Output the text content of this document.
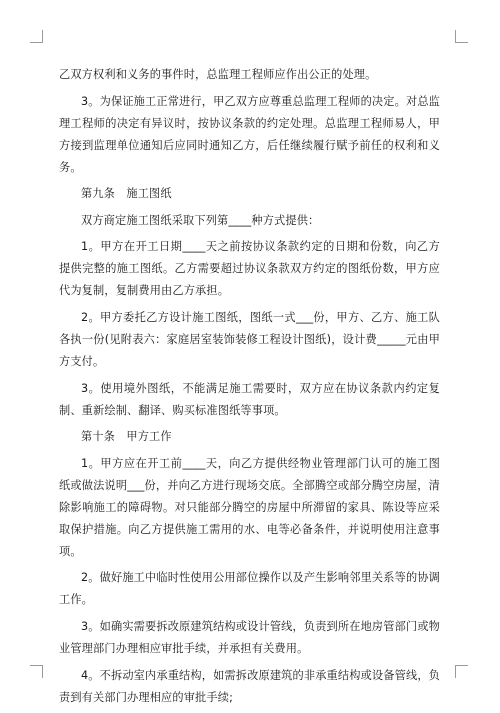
乙双方权利和义务的事件时，总监理工程师应作出公正的处理。

3。为保证施工正常进行，甲乙双方应尊重总监理工程师的决定。对总监理工程师的决定有异议时，按协议条款的约定处理。总监理工程师易人，甲方接到监理单位通知后应同时通知乙方，后任继续履行赋予前任的权利和义务。

第九条　施工图纸

双方商定施工图纸采取下列第____种方式提供：

1。甲方在开工日期____天之前按协议条款约定的日期和份数，向乙方提供完整的施工图纸。乙方需要超过协议条款双方约定的图纸份数，甲方应代为复制，复制费用由乙方承担。

2。甲方委托乙方设计施工图纸，图纸一式___份，甲方、乙方、施工队各执一份(见附表六：家庭居室装饰装修工程设计图纸)，设计费_____元由甲方支付。

3。使用境外图纸，不能满足施工需要时，双方应在协议条款内约定复制、重新绘制、翻译、购买标准图纸等事项。

第十条　甲方工作

1。甲方应在开工前____天，向乙方提供经物业管理部门认可的施工图纸或做法说明___份，并向乙方进行现场交底。全部腾空或部分腾空房屋，清除影响施工的障碍物。对只能部分腾空的房屋中所滞留的家具、陈设等应采取保护措施。向乙方提供施工需用的水、电等必备条件，并说明使用注意事项。

2。做好施工中临时性使用公用部位操作以及产生影响邻里关系等的协调工作。

3。如确实需要拆改原建筑结构或设计管线，负责到所在地房管部门或物业管理部门办理相应审批手续，并承担有关费用。

4。不拆动室内承重结构，如需拆改原建筑的非承重结构或设备管线，负责到有关部门办理相应的审批手续;
